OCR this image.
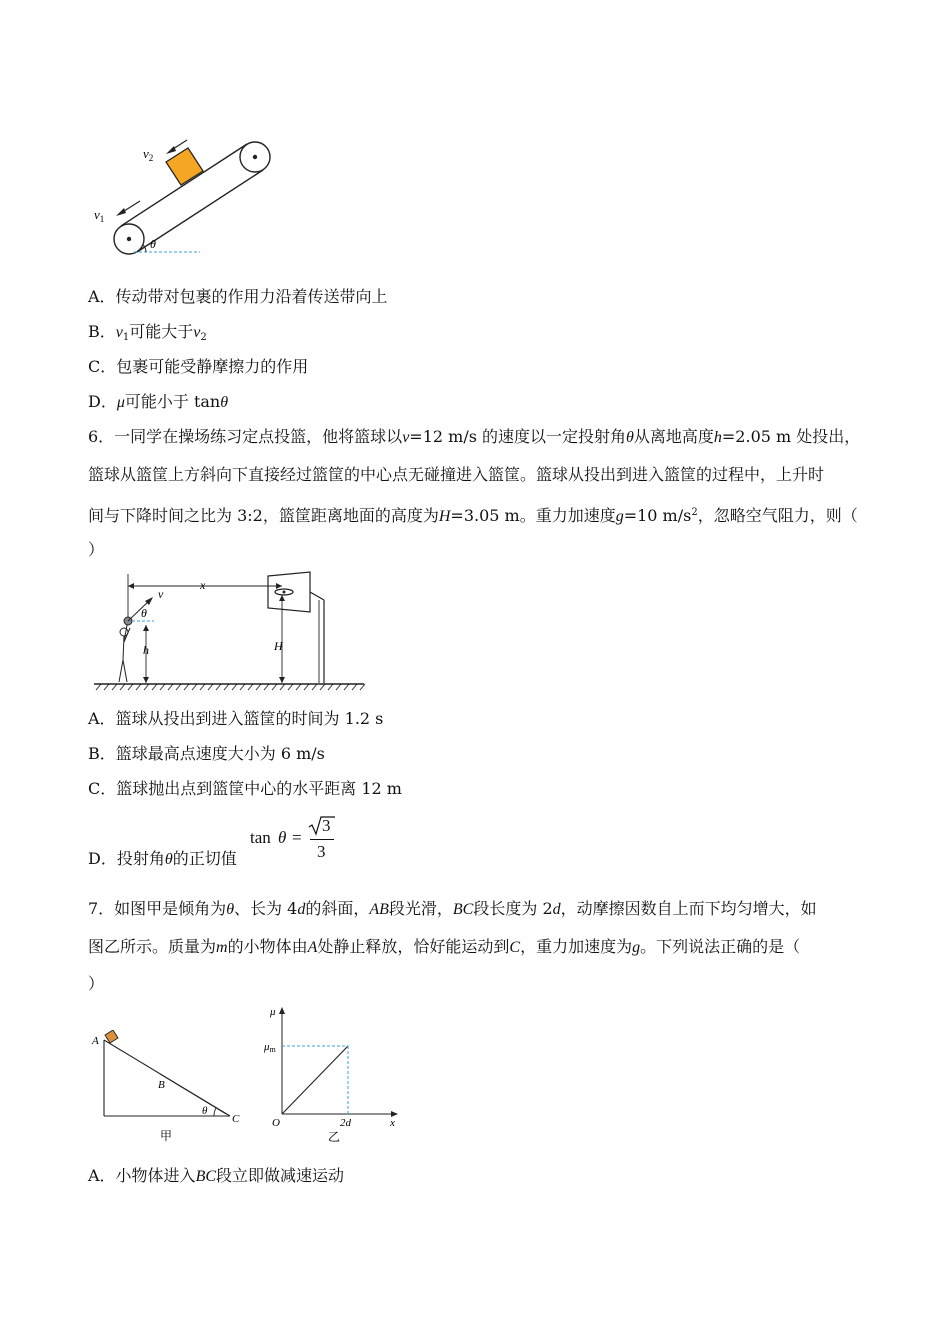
θ
$v_2$
$v_1$
A．传动带对包裹的作用力沿着传送带向上
B．$v_1$可能大于$v_2$
C．包裹可能受静摩擦力的作用
D．μ可能小于 tanθ
6．一同学在操场练习定点投篮，他将篮球以v=12 m/s 的速度以一定投射角θ从离地高度h=2.05 m 处投出，
篮球从篮筐上方斜向下直接经过篮筐的中心点无碰撞进入篮筐。篮球从投出到进入篮筐的过程中，上升时
间与下降时间之比为 3:2，篮筐距离地面的高度为H=3.05 m。重力加速度g=10 $m/s^2$，忽略空气阻力，则（
）
x
v
θ
h	H
A．篮球从投出到进入篮筐的时间为 1.2 s
B．篮球最高点速度大小为 6 m/s
C．篮球抛出点到篮筐中心的水平距离 12 m
D．投射角θ的正切值
tan θ =
3
3
7．如图甲是倾角为θ、长为 4d的斜面，AB段光滑，BC段长度为 2d，动摩擦因数自上而下均匀增大，如
图乙所示。质量为m的小物体由A处静止释放，恰好能运动到C，重力加速度为g。下列说法正确的是（
）
A
B
C
θ
甲
μ
μm
O	2d	x
乙
A．小物体进入BC段立即做减速运动
